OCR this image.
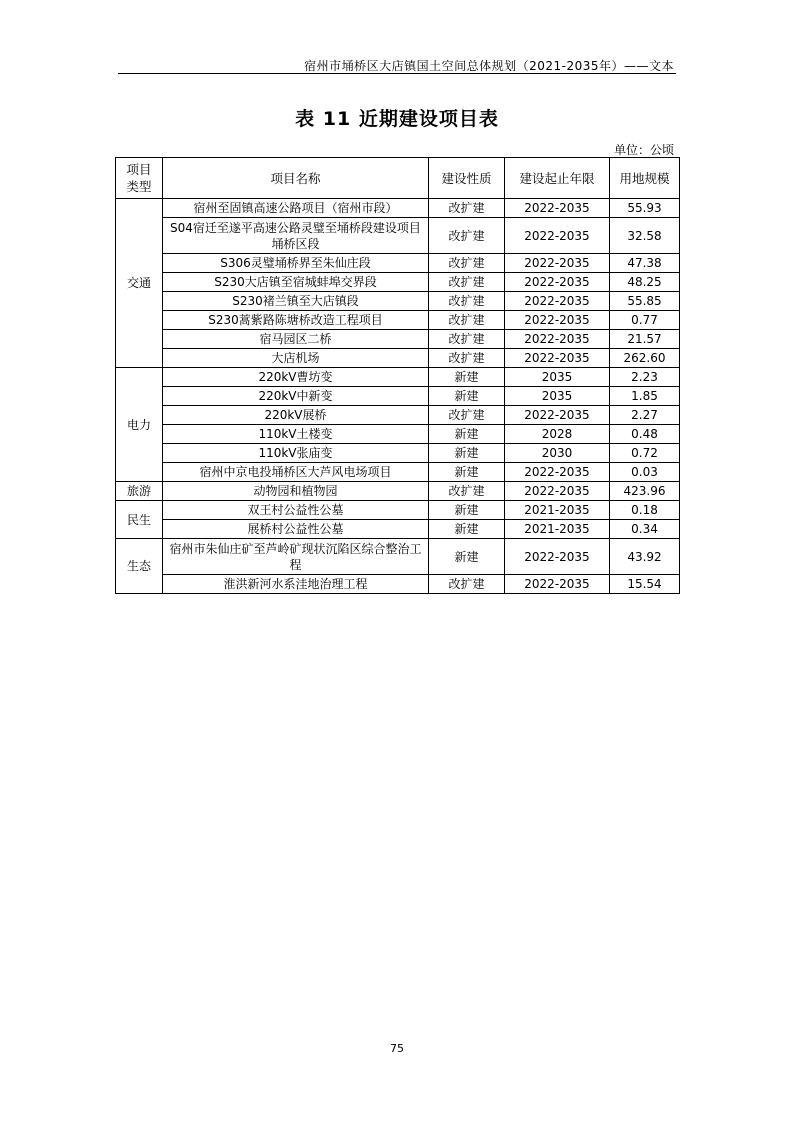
宿州市埇桥区大店镇国土空间总体规划（2021-2035年）——文本
表 11 近期建设项目表
单位：公顷
项目类型	项目名称	建设性质	建设起止年限	用地规模
交通	宿州至固镇高速公路项目（宿州市段）	改扩建	2022-2035	55.93
	S04宿迁至遂平高速公路灵璧至埇桥段建设项目埇桥区段	改扩建	2022-2035	32.58
	S306灵璧埇桥界至朱仙庄段	改扩建	2022-2035	47.38
	S230大店镇至宿城蚌埠交界段	改扩建	2022-2035	48.25
	S230褚兰镇至大店镇段	改扩建	2022-2035	55.85
	S230蒿紫路陈塘桥改造工程项目	改扩建	2022-2035	0.77
	宿马园区二桥	改扩建	2022-2035	21.57
	大店机场	改扩建	2022-2035	262.60
电力	220kV曹坊变	新建	2035	2.23
	220kV中新变	新建	2035	1.85
	220kV展桥	改扩建	2022-2035	2.27
	110kV土楼变	新建	2028	0.48
	110kV张庙变	新建	2030	0.72
	宿州中京电投埇桥区大芦风电场项目	新建	2022-2035	0.03
旅游	动物园和植物园	改扩建	2022-2035	423.96
民生	双王村公益性公墓	新建	2021-2035	0.18
	展桥村公益性公墓	新建	2021-2035	0.34
生态	宿州市朱仙庄矿至芦岭矿现状沉陷区综合整治工程	新建	2022-2035	43.92
	淮洪新河水系洼地治理工程	改扩建	2022-2035	15.54
75
